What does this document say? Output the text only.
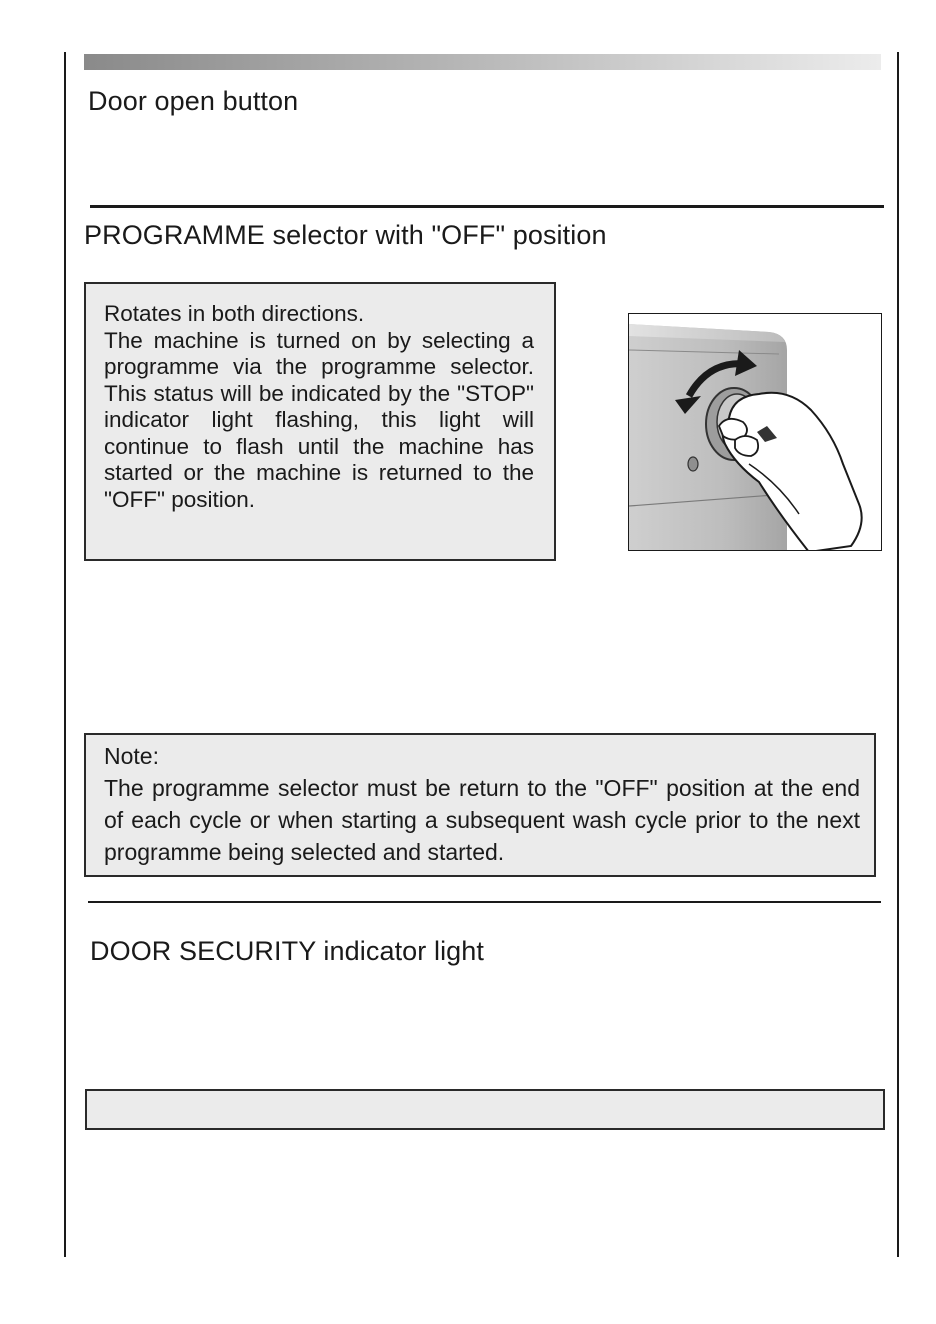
Door open button
PROGRAMME selector with "OFF" position

Rotates in both directions.

The machine is turned on by selecting a programme via the programme selector. This status will be indicated by the "STOP" indicator light flashing, this light will continue to flash until the machine has started or the machine is returned to the "OFF" position.

Note:

The programme selector must be return to the "OFF" position at the end of each cycle or when starting a subsequent wash cycle prior to the next programme being selected and started.

DOOR SECURITY indicator light
